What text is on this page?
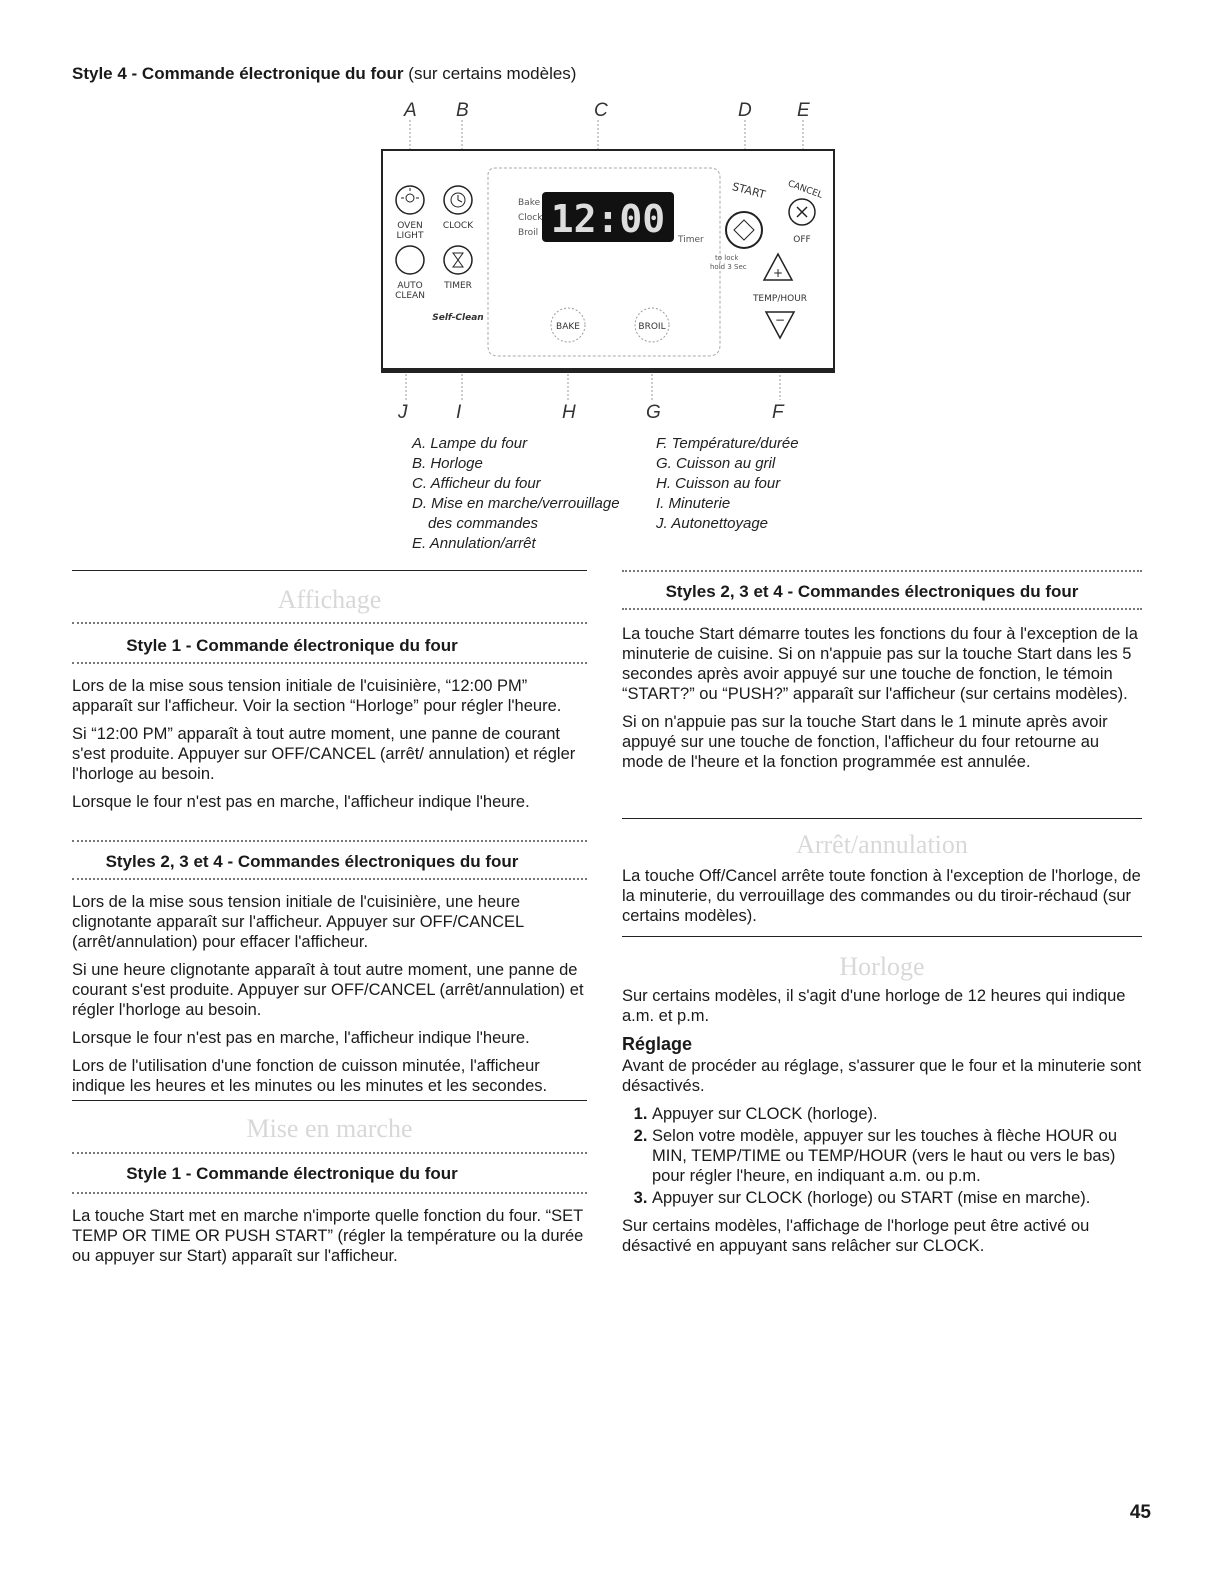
Style 4 - Commande électronique du four (sur certains modèles)
A B	C	D E
J	I	H	G	F
Bake
Clock
Broil 12:00 Timer
OVEN
LIGHT
CLOCK
AUTO
CLEAN
TIMER
Self-Clean
BAKE	BROIL
START CANCEL
OFF
to lock
hold 3 Sec +
TEMP/HOUR
−
A. Lampe du four
B. Horloge
C. Afficheur du four
D. Mise en marche/verrouillage
des commandes
E. Annulation/arrêt
F. Température/durée
G. Cuisson au gril
H. Cuisson au four
I. Minuterie
J. Autonettoyage
Affichage
Style 1 - Commande électronique du four

Lors de la mise sous tension initiale de l'cuisinière, “12:00 PM” apparaît sur l'afficheur. Voir la section “Horloge” pour régler l'heure.

Si “12:00 PM” apparaît à tout autre moment, une panne de courant s'est produite. Appuyer sur OFF/CANCEL (arrêt/ annulation) et régler l'horloge au besoin.

Lorsque le four n'est pas en marche, l'afficheur indique l'heure.

Styles 2, 3 et 4 - Commandes électroniques du four

Lors de la mise sous tension initiale de l'cuisinière, une heure clignotante apparaît sur l'afficheur. Appuyer sur OFF/CANCEL (arrêt/annulation) pour effacer l'afficheur.

Si une heure clignotante apparaît à tout autre moment, une panne de courant s'est produite. Appuyer sur OFF/CANCEL (arrêt/annulation) et régler l'horloge au besoin.

Lorsque le four n'est pas en marche, l'afficheur indique l'heure.

Lors de l'utilisation d'une fonction de cuisson minutée, l'afficheur indique les heures et les minutes ou les minutes et les secondes.

Mise en marche
Style 1 - Commande électronique du four

La touche Start met en marche n'importe quelle fonction du four. “SET TEMP OR TIME OR PUSH START” (régler la température ou la durée ou appuyer sur Start) apparaît sur l'afficheur.

Styles 2, 3 et 4 - Commandes électroniques du four

La touche Start démarre toutes les fonctions du four à l'exception de la minuterie de cuisine. Si on n'appuie pas sur la touche Start dans les 5 secondes après avoir appuyé sur une touche de fonction, le témoin “START?” ou “PUSH?” apparaît sur l'afficheur (sur certains modèles).

Si on n'appuie pas sur la touche Start dans le 1 minute après avoir appuyé sur une touche de fonction, l'afficheur du four retourne au mode de l'heure et la fonction programmée est annulée.

Arrêt/annulation

La touche Off/Cancel arrête toute fonction à l'exception de l'horloge, de la minuterie, du verrouillage des commandes ou du tiroir-réchaud (sur certains modèles).

Horloge

Sur certains modèles, il s'agit d'une horloge de 12 heures qui indique a.m. et p.m.

Réglage

Avant de procéder au réglage, s'assurer que le four et la minuterie sont désactivés.

1. Appuyer sur CLOCK (horloge).
2. Selon votre modèle, appuyer sur les touches à flèche HOUR ou MIN, TEMP/TIME ou TEMP/HOUR (vers le haut ou vers le bas) pour régler l'heure, en indiquant a.m. ou p.m.
3. Appuyer sur CLOCK (horloge) ou START (mise en marche).

Sur certains modèles, l'affichage de l'horloge peut être activé ou désactivé en appuyant sans relâcher sur CLOCK.

45
